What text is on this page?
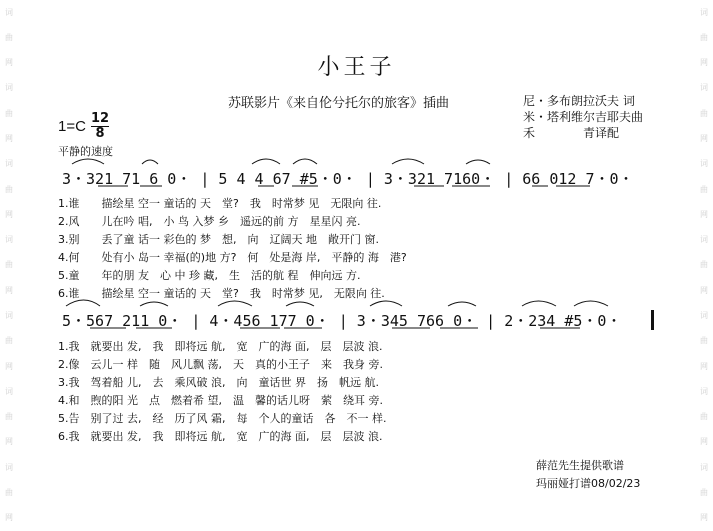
词
曲
网
词
曲
网
词
曲
网
词
曲
网
词
曲
网
词
曲
网
词
曲
网
词
曲
网
词
曲
网
词
曲
网
词
曲
网
词
曲
网
词
曲
网
词
曲
网
小王子
苏联影片《来自伦兮托尔的旅客》插曲	尼・多布朗拉沃夫 词
米・塔利维尔吉耶夫曲
禾　　　　青译配
1=C 12
8
平静的速度
3・321 71 6 0・ | 5 4 4 67 #5・0・ | 3・321 7160・ | 66 012 7・0・
5・567 211 0・ | 4・456 177 0・ | 3・345 766 0・ | 2・234 #5・0・
1.谁　　描绘星 空一 童话的 天　堂?　我　时常梦 见　无限向 往.
2.风　　儿在吟 唱,　小 鸟 入梦 乡　遥远的前 方　星星闪 亮.
3.别　　丢了童 话一 彩色的 梦　想,　向　辽阔天 地　敞开门 窗.
4.何　　处有小 岛一 幸福(的)地 方?　何　处是海 岸,　平静的 海　港?
5.童　　年的朋 友　心 中 珍 藏,　生　活的航 程　伸向远 方.
6.谁　　描绘星 空一 童话的 天　堂?　我　时常梦 见,　无限向 往.
1.我　就要出 发,　我　即将远 航,　宽　广的海 面,　层　层波 浪.
2.像　云儿一 样　随　风儿飘 荡,　天　真的小王子　来　我身 旁.
3.我　驾着船 儿,　去　乘风破 浪,　向　童话世 界　扬　帆远 航.
4.和　煦的阳 光　点　燃着希 望,　温　馨的话儿呀　萦　绕耳 旁.
5.告　别了过 去,　经　历了风 霜,　每　个人的童话　各　不一 样.
6.我　就要出 发,　我　即将远 航,　宽　广的海 面,　层　层波 浪.
薛范先生提供歌谱
玛丽娅打谱08/02/23
